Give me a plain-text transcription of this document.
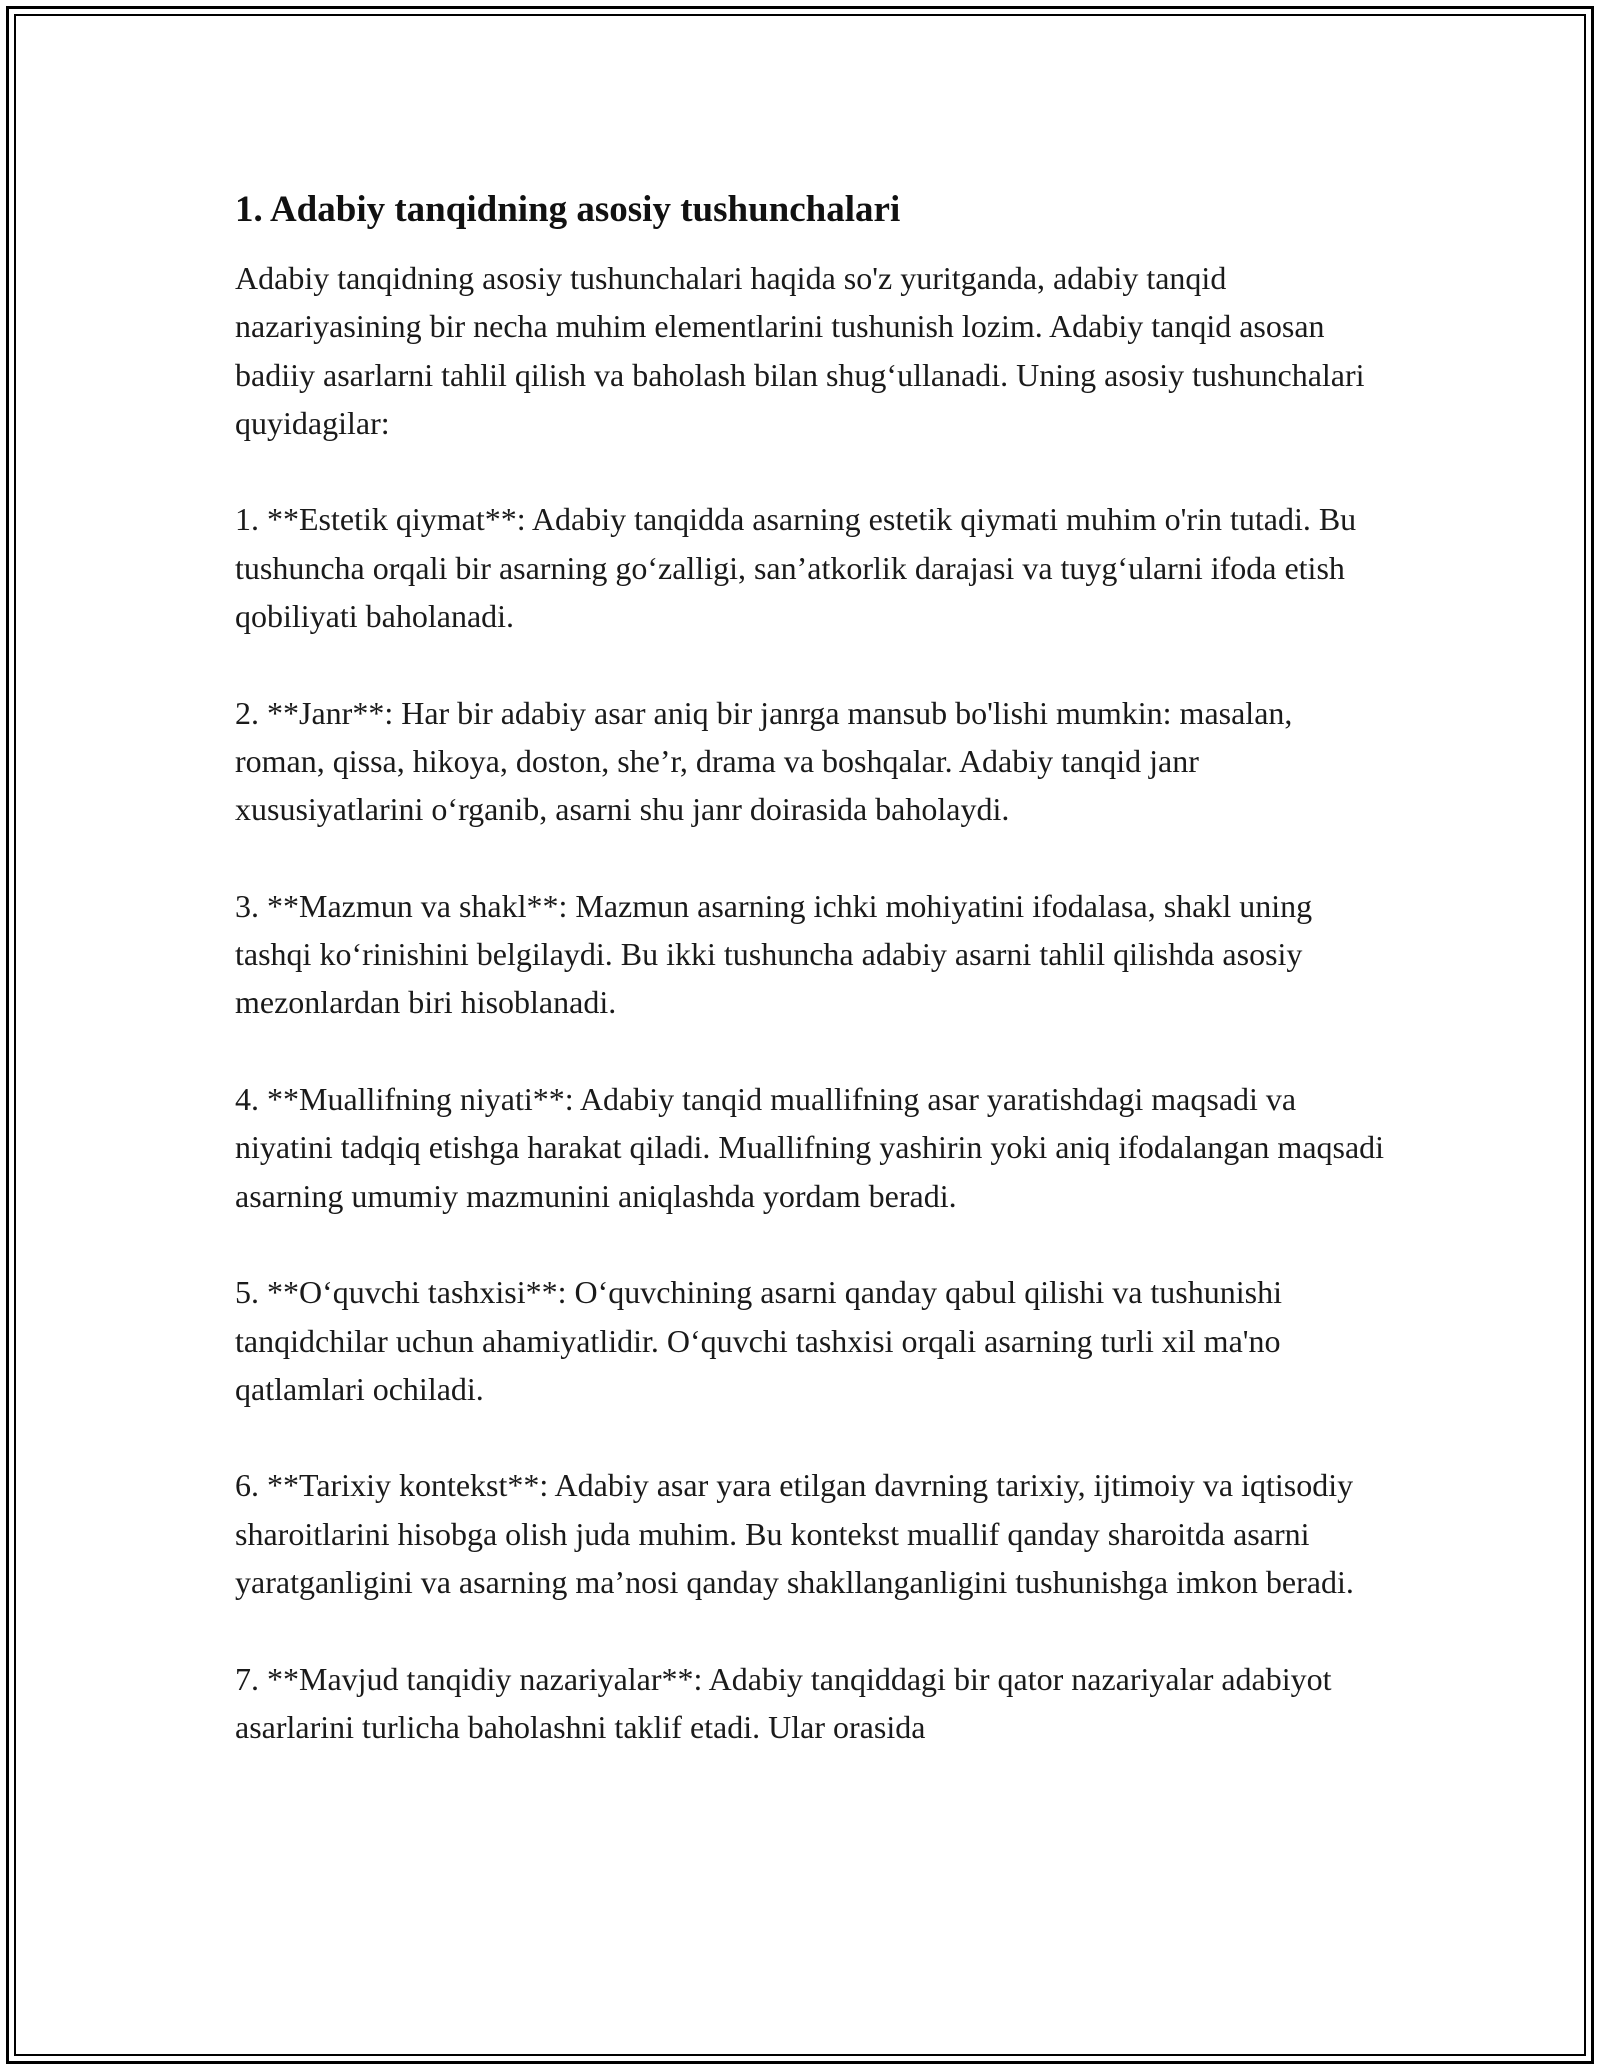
1. Adabiy tanqidning asosiy tushunchalari

Adabiy tanqidning asosiy tushunchalari haqida so'z yuritganda, adabiy tanqid nazariyasining bir necha muhim elementlarini tushunish lozim. Adabiy tanqid asosan badiiy asarlarni tahlil qilish va baholash bilan shug‘ullanadi. Uning asosiy tushunchalari quyidagilar:

1. **Estetik qiymat**: Adabiy tanqidda asarning estetik qiymati muhim o'rin tutadi. Bu tushuncha orqali bir asarning go‘zalligi, san’atkorlik darajasi va tuyg‘ularni ifoda etish qobiliyati baholanadi.

2. **Janr**: Har bir adabiy asar aniq bir janrga mansub bo'lishi mumkin: masalan, roman, qissa, hikoya, doston, she’r, drama va boshqalar. Adabiy tanqid janr xususiyatlarini o‘rganib, asarni shu janr doirasida baholaydi.

3. **Mazmun va shakl**: Mazmun asarning ichki mohiyatini ifodalasa, shakl uning tashqi ko‘rinishini belgilaydi. Bu ikki tushuncha adabiy asarni tahlil qilishda asosiy mezonlardan biri hisoblanadi.

4. **Muallifning niyati**: Adabiy tanqid muallifning asar yaratishdagi maqsadi va niyatini tadqiq etishga harakat qiladi. Muallifning yashirin yoki aniq ifodalangan maqsadi asarning umumiy mazmunini aniqlashda yordam beradi.

5. **O‘quvchi tashxisi**: O‘quvchining asarni qanday qabul qilishi va tushunishi tanqidchilar uchun ahamiyatlidir. O‘quvchi tashxisi orqali asarning turli xil ma'no qatlamlari ochiladi.

6. **Tarixiy kontekst**: Adabiy asar yara etilgan davrning tarixiy, ijtimoiy va iqtisodiy sharoitlarini hisobga olish juda muhim. Bu kontekst muallif qanday sharoitda asarni yaratganligini va asarning ma’nosi qanday shakllanganligini tushunishga imkon beradi.

7. **Mavjud tanqidiy nazariyalar**: Adabiy tanqiddagi bir qator nazariyalar adabiyot asarlarini turlicha baholashni taklif etadi. Ular orasida
